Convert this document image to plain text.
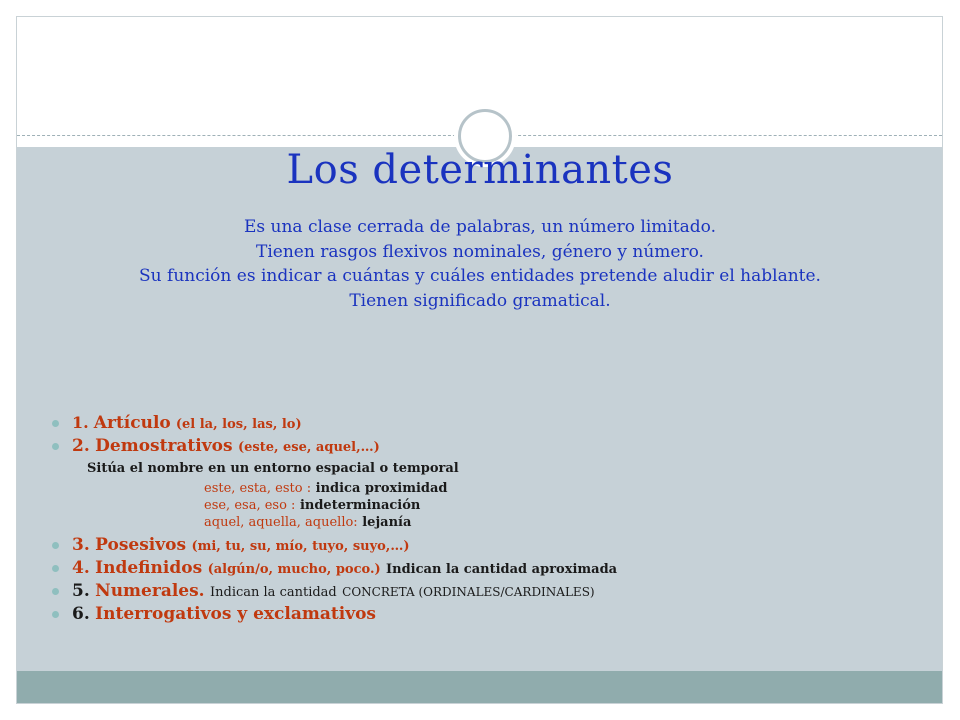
Los determinantes
Es una clase cerrada de palabras, un número limitado.
Tienen rasgos flexivos nominales, género y número.
Su función es indicar a cuántas y cuáles entidades pretende aludir el hablante.
Tienen significado gramatical.
1. Artículo (el la, los, las, lo)
2. Demostrativos (este, ese, aquel,…)
3. Posesivos (mi, tu, su, mío, tuyo, suyo,…)
4. Indefinidos (algún/o, mucho, poco.) Indican la cantidad aproximada
5. Numerales. Indican la cantidad CONCRETA (ORDINALES/CARDINALES)
6. Interrogativos y exclamativos
Sitúa el nombre en un entorno espacial o temporal
este, esta, esto : indica proximidad
ese, esa, eso : indeterminación
aquel, aquella, aquello: lejanía
